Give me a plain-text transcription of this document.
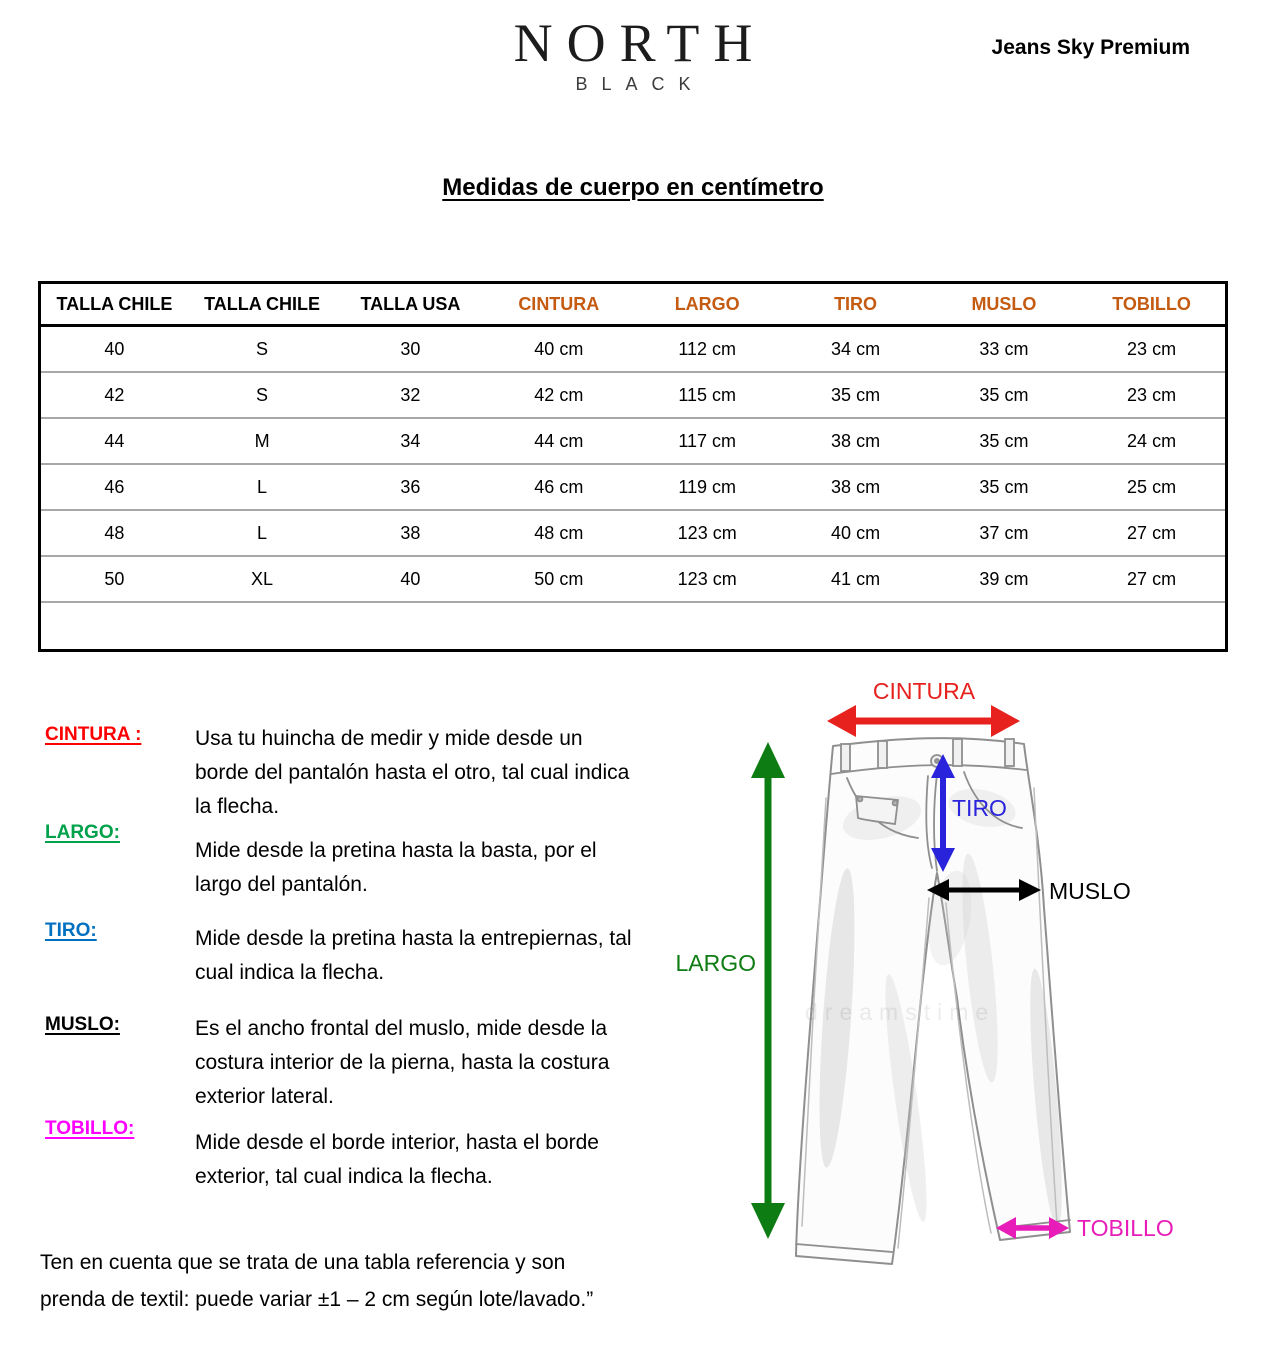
NORTH
BLACK
Jeans Sky Premium
Medidas de cuerpo en centímetro
TALLA CHILE	TALLA CHILE	TALLA USA	CINTURA	LARGO	TIRO	MUSLO	TOBILLO
40	S	30	40 cm	112 cm	34 cm	33 cm	23 cm
42	S	32	42 cm	115 cm	35 cm	35 cm	23 cm
44	M	34	44 cm	117 cm	38 cm	35 cm	24 cm
46	L	36	46 cm	119 cm	38 cm	35 cm	25 cm
48	L	38	48 cm	123 cm	40 cm	37 cm	27 cm
50	XL	40	50 cm	123 cm	41 cm	39 cm	27 cm

CINTURA :	Usa tu huincha de medir y mide desde un borde del pantalón hasta el otro, tal cual indica la flecha.
LARGO:
Mide desde la pretina hasta la basta, por el largo del pantalón.
TIRO:	Mide desde la pretina hasta la entrepiernas, tal cual indica la flecha.
MUSLO:	Es el ancho frontal del muslo, mide desde la costura interior de la pierna, hasta la costura exterior lateral.
TOBILLO:
Mide desde el borde interior, hasta el borde exterior, tal cual indica la flecha.
Ten en cuenta que se trata de una tabla referencia y son
prenda de textil: puede variar ±1 – 2 cm según lote/lavado.”
dreamstime
CINTURA
LARGO
TIRO
MUSLO
TOBILLO
